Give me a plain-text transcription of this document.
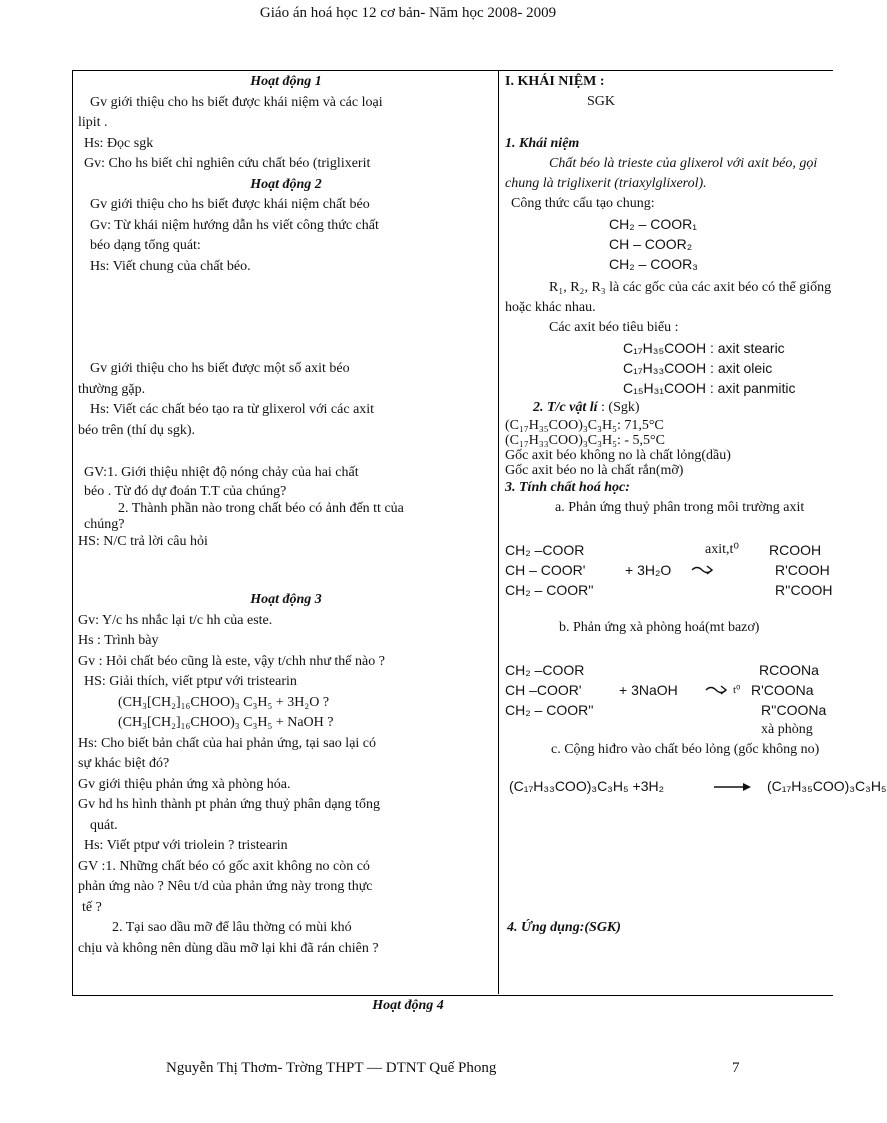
Giáo án hoá học 12 cơ bản- Năm học 2008- 2009
Hoạt động 1
Gv giới thiệu cho hs biết được khái niệm và các loại
lipit .
Hs: Đọc sgk
Gv: Cho hs biết chỉ nghiên cứu chất béo (triglixerit
Hoạt động 2
Gv giới thiệu cho hs biết được khái niệm chất béo
Gv: Từ khái niệm hướng dẫn hs viết công thức chất
béo dạng tổng quát:
Hs: Viết chung của chất béo.
Gv giới thiệu cho hs biết được một số axit béo
thường gặp.
Hs: Viết các chất béo tạo ra từ glixerol với các axit
béo trên (thí dụ sgk).
GV:1. Giới thiệu nhiệt độ nóng chảy của hai chất
béo . Từ đó dự đoán T.T của chúng?
2. Thành phần nào trong chất béo có ảnh đến tt của
chúng?
HS: N/C trả lời câu hỏi
Hoạt động 3
Gv: Y/c hs nhắc lại t/c hh của este.
Hs : Trình bày
Gv : Hỏi chất béo cũng là este, vậy t/chh như thế nào ?
HS: Giải thích, viết ptpư với tristearin
(CH₃[CH₂]₁₆CHOO)₃ C₃H₅ + 3H₂O ?
(CH₃[CH₂]₁₆CHOO)₃ C₃H₅ + NaOH ?
Hs: Cho biết bản chất của hai phản ứng, tại sao lại có
sự khác biệt đó?
Gv giới thiệu phản ứng xà phòng hóa.
Gv hd hs hình thành pt phản ứng thuỷ phân dạng tổng
quát.
Hs: Viết ptpư với triolein ? tristearin
GV :1. Những chất béo có gốc axit không no còn có
phản ứng nào ? Nêu t/d của phản ứng này trong thực
tế ?
2. Tại sao dầu mỡ để lâu thờng có mùi khó
chịu và không nên dùng dầu mỡ lại khi đã rán chiên ?
I. KHÁI NIỆM :
SGK
1. Khái niệm
Chất béo là trieste của glixerol với axit béo, gọi
chung là triglixerit (triaxylglixerol).
Công thức cấu tạo chung:
CH₂ – COOR₁
CH – COOR₂
CH₂ – COOR₃
R₁, R₂, R₃ là các gốc của các axit béo có thể giống
hoặc khác nhau.
Các axit béo tiêu biểu :
C₁₇H₃₅COOH : axit stearic
C₁₇H₃₃COOH : axit oleic
C₁₅H₃₁COOH : axit panmitic
2. T/c vật lí : (Sgk)
(C₁₇H₃₅COO)₃C₃H₅: 71,5°C
(C₁₇H₃₃COO)₃C₃H₅: - 5,5°C
Gốc axit béo không no là chất lỏng(dầu)
Gốc axit béo no là chất rắn(mỡ)
3. Tính chất hoá học:
a. Phản ứng thuỷ phân trong môi trường axit
CH₂ –COOR	axit,t⁰ RCOOH
CH – COOR'	+ 3H₂O	R'COOH
CH₂ – COOR''	R''COOH
b. Phản ứng xà phòng hoá(mt bazơ)
CH₂ –COOR	RCOONa
CH –COOR'	+ 3NaOH	t⁰ R'COONa
CH₂ – COOR''	R''COONa
xà phòng
c. Cộng hiđro vào chất béo lỏng (gốc không no)
(C₁₇H₃₃COO)₃C₃H₅ +3H₂	→ (C₁₇H₃₅COO)₃C₃H₅
4. Ứng dụng:(SGK)
Hoạt động 4
Nguyễn Thị Thơm- Trờng THPT — DTNT Quế Phong	7
